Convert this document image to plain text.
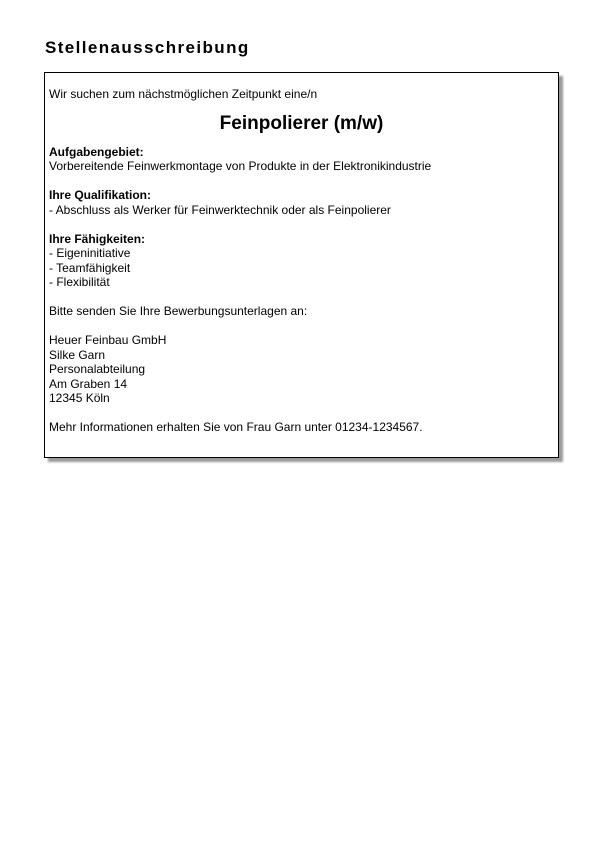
Stellenausschreibung

Wir suchen zum nächstmöglichen Zeitpunkt eine/n

Feinpolierer (m/w)
Aufgabengebiet:
Vorbereitende Feinwerkmontage von Produkte in der Elektronikindustrie
Ihre Qualifikation:
- Abschluss als Werker für Feinwerktechnik oder als Feinpolierer
Ihre Fähigkeiten:
- Eigeninitiative
- Teamfähigkeit
- Flexibilität

Bitte senden Sie Ihre Bewerbungsunterlagen an:

Heuer Feinbau GmbH
Silke Garn
Personalabteilung
Am Graben 14
12345 Köln

Mehr Informationen erhalten Sie von Frau Garn unter 01234-1234567.
